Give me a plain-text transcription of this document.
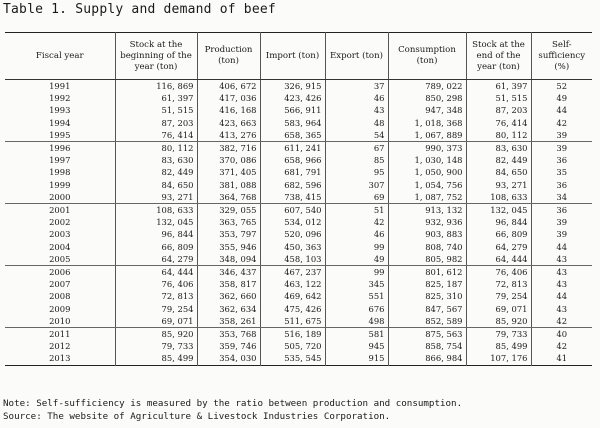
Table 1. Supply and demand of beef
Fiscal year	Stock at the beginning of the year (ton)	Production (ton)	Import (ton)	Export (ton)	Consumption (ton)	Stock at the end of the year (ton)	Self-sufficiency (%)
1991	116, 869	406, 672	326, 915	37	789, 022	61, 397	52
1992	61, 397	417, 036	423, 426	46	850, 298	51, 515	49
1993	51, 515	416, 168	566, 911	43	947, 348	87, 203	44
1994	87, 203	423, 663	583, 964	48	1, 018, 368	76, 414	42
1995	76, 414	413, 276	658, 365	54	1, 067, 889	80, 112	39
1996	80, 112	382, 716	611, 241	67	990, 373	83, 630	39
1997	83, 630	370, 086	658, 966	85	1, 030, 148	82, 449	36
1998	82, 449	371, 405	681, 791	95	1, 050, 900	84, 650	35
1999	84, 650	381, 088	682, 596	307	1, 054, 756	93, 271	36
2000	93, 271	364, 768	738, 415	69	1, 087, 752	108, 633	34
2001	108, 633	329, 055	607, 540	51	913, 132	132, 045	36
2002	132, 045	363, 765	534, 012	42	932, 936	96, 844	39
2003	96, 844	353, 797	520, 096	46	903, 883	66, 809	39
2004	66, 809	355, 946	450, 363	99	808, 740	64, 279	44
2005	64, 279	348, 094	458, 103	49	805, 982	64, 444	43
2006	64, 444	346, 437	467, 237	99	801, 612	76, 406	43
2007	76, 406	358, 817	463, 122	345	825, 187	72, 813	43
2008	72, 813	362, 660	469, 642	551	825, 310	79, 254	44
2009	79, 254	362, 634	475, 426	676	847, 567	69, 071	43
2010	69, 071	358, 261	511, 675	498	852, 589	85, 920	42
2011	85, 920	353, 768	516, 189	581	875, 563	79, 733	40
2012	79, 733	359, 746	505, 720	945	858, 754	85, 499	42
2013	85, 499	354, 030	535, 545	915	866, 984	107, 176	41
Note: Self-sufficiency is measured by the ratio between production and consumption.
Source: The website of Agriculture & Livestock Industries Corporation.
